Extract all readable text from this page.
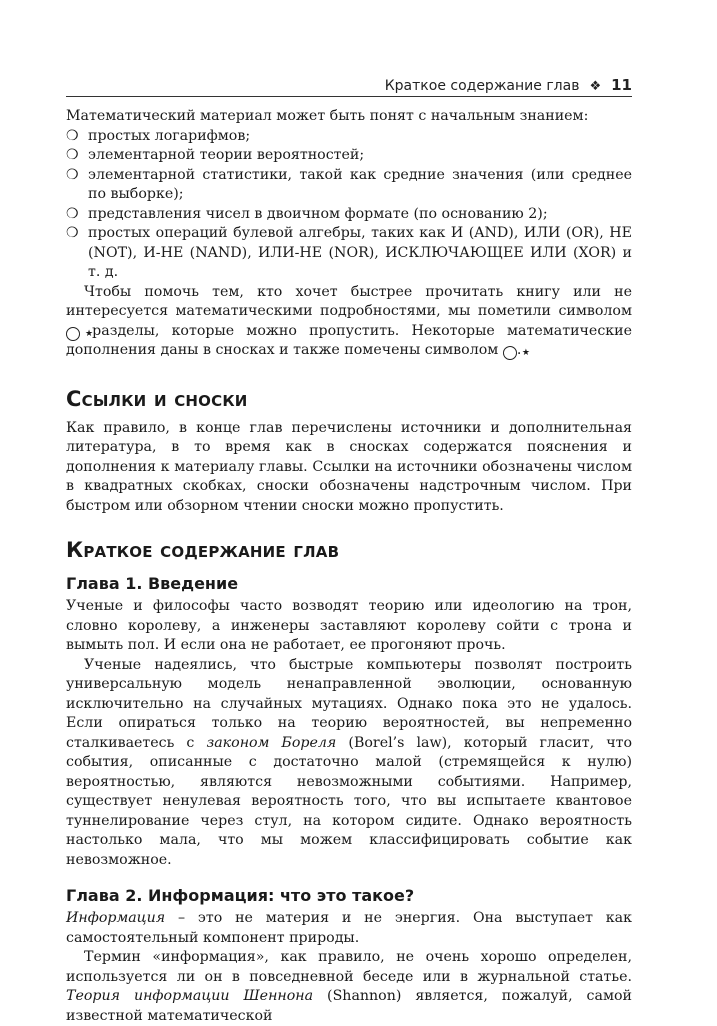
Краткое содержание глав ❖ 11

Математический материал может быть понят с начальным знанием:

❍ простых логарифмов;
❍ элементарной теории вероятностей;
❍ элементарной статистики, такой как средние значения (или среднее по выборке);
❍ представления чисел в двоичном формате (по основанию 2);
❍ простых операций булевой алгебры, таких как И (AND), ИЛИ (OR), НЕ (NOT), И-НЕ (NAND), ИЛИ-НЕ (NOR), ИСКЛЮЧАЮЩЕЕ ИЛИ (XOR) и т. д.

Чтобы помочь тем, кто хочет быстрее прочитать книгу или не интересуется математическими подробностями, мы пометили символом ★ разделы, которые можно пропустить. Некоторые математические дополнения даны в сносках и также помечены символом	★.

Ссылки и сноски

Как правило, в конце глав перечислены источники и дополнительная литература, в то время как в сносках содержатся пояснения и дополнения к материалу главы. Ссылки на источники обозначены числом в квадратных скобках, сноски обозначены надстрочным числом. При быстром или обзорном чтении сноски можно пропустить.

Краткое содержание глав
Глава 1. Введение

Ученые и философы часто возводят теорию или идеологию на трон, словно королеву, а инженеры заставляют королеву сойти с трона и вымыть пол. И если она не работает, ее прогоняют прочь.

Ученые надеялись, что быстрые компьютеры позволят построить универсальную модель ненаправленной эволюции, основанную исключительно на случайных мутациях. Однако пока это не удалось. Если опираться только на теорию вероятностей, вы непременно сталкиваетесь с законом Бореля (Borel’s law), который гласит, что события, описанные с достаточно малой (стремящейся к нулю) вероятностью, являются невозможными событиями. Например, существует ненулевая вероятность того, что вы испытаете квантовое туннелирование через стул, на котором сидите. Однако вероятность настолько мала, что мы можем классифицировать событие как невозможное.

Глава 2. Информация: что это такое?

Информация – это не материя и не энергия. Она выступает как самостоятельный компонент природы.

Термин «информация», как правило, не очень хорошо определен, используется ли он в повседневной беседе или в журнальной статье. Теория информации Шеннона (Shannon) является, пожалуй, самой известной математической
